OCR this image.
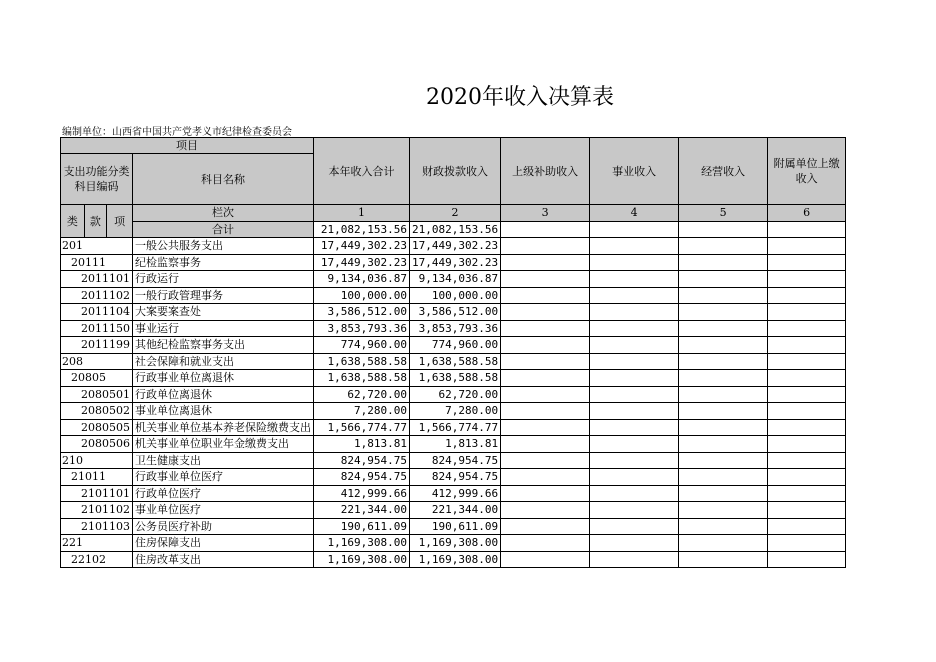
2020年收入决算表
编制单位：山西省中国共产党孝义市纪律检查委员会
项目				本年收入合计	财政拨款收入	上级补助收入	事业收入	经营收入	附属单位上缴收入
支出功能分类科目编码			科目名称						
类	款	项	栏次	1	2	3	4	5	6
			合计	21,082,153.56	21,082,153.56				
201			一般公共服务支出	17,449,302.23	17,449,302.23				
20111			纪检监察事务	17,449,302.23	17,449,302.23				
2011101			行政运行	9,134,036.87	9,134,036.87				
2011102			一般行政管理事务	100,000.00	100,000.00				
2011104			大案要案查处	3,586,512.00	3,586,512.00				
2011150			事业运行	3,853,793.36	3,853,793.36				
2011199			其他纪检监察事务支出	774,960.00	774,960.00				
208			社会保障和就业支出	1,638,588.58	1,638,588.58				
20805			行政事业单位离退休	1,638,588.58	1,638,588.58				
2080501			行政单位离退休	62,720.00	62,720.00				
2080502			事业单位离退休	7,280.00	7,280.00				
2080505			机关事业单位基本养老保险缴费支出	1,566,774.77	1,566,774.77				
2080506			机关事业单位职业年金缴费支出	1,813.81	1,813.81				
210			卫生健康支出	824,954.75	824,954.75				
21011			行政事业单位医疗	824,954.75	824,954.75				
2101101			行政单位医疗	412,999.66	412,999.66				
2101102			事业单位医疗	221,344.00	221,344.00				
2101103			公务员医疗补助	190,611.09	190,611.09				
221			住房保障支出	1,169,308.00	1,169,308.00				
22102			住房改革支出	1,169,308.00	1,169,308.00				
